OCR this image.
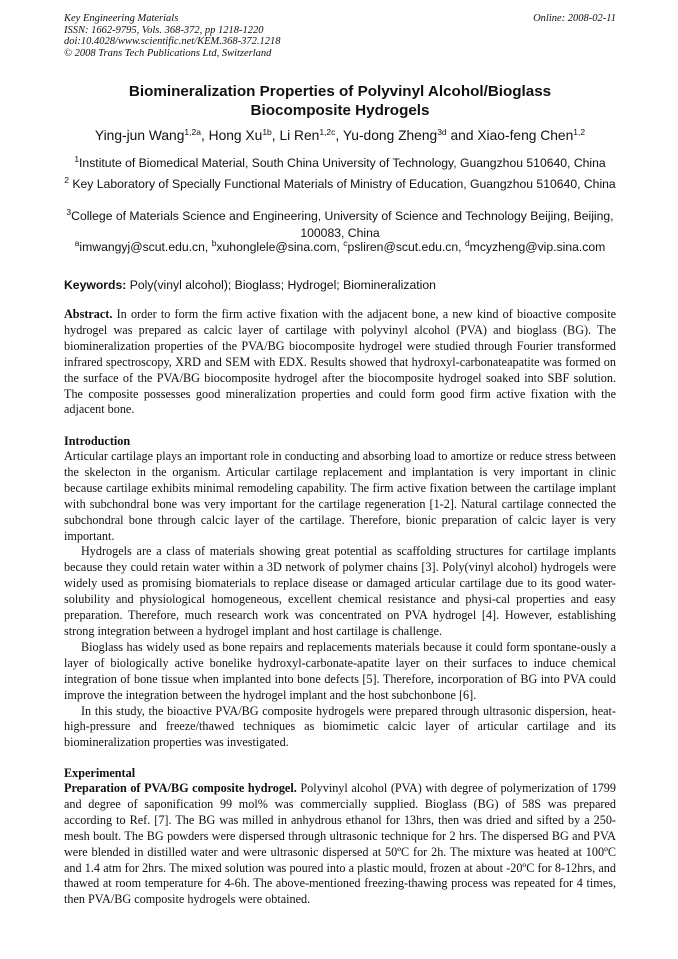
Key Engineering Materials
ISSN: 1662-9795, Vols. 368-372, pp 1218-1220
doi:10.4028/www.scientific.net/KEM.368-372.1218
© 2008 Trans Tech Publications Ltd, Switzerland
Online: 2008-02-11
Biomineralization Properties of Polyvinyl Alcohol/Bioglass
Biocomposite Hydrogels
Ying-jun Wang$^{1,2a}$, Hong $Xu^{1b}$, Li Ren$^{1,2c}$, Yu-dong Zheng$^{3d}$ and Xiao-feng Chen$^{1,2}$
$^1$Institute of Biomedical Material, South China University of Technology, Guangzhou 510640, China
$^2$ Key Laboratory of Specially Functional Materials of Ministry of Education, Guangzhou 510640, China
$^3$College of Materials Science and Engineering, University of Science and Technology Beijing, Beijing, 100083, China
$^a$imwangyj@scut.edu.cn, $^b$xuhonglele@sina.com, $^c$psliren@scut.edu.cn, $^d$mcyzheng@vip.sina.com
Keywords: Poly(vinyl alcohol); Bioglass; Hydrogel; Biomineralization
Abstract. In order to form the firm active fixation with the adjacent bone, a new kind of bioactive composite hydrogel was prepared as calcic layer of cartilage with polyvinyl alcohol (PVA) and bioglass (BG). The biomineralization properties of the PVA/BG biocomposite hydrogel were studied through Fourier transformed infrared spectroscopy, XRD and SEM with EDX. Results showed that hydroxyl-carbonateapatite was formed on the surface of the PVA/BG biocomposite hydrogel after the biocomposite hydrogel soaked into SBF solution. The composite possesses good mineralization properties and could form good firm active fixation with the adjacent bone.
Introduction
Articular cartilage plays an important role in conducting and absorbing load to amortize or reduce stress between the skelecton in the organism. Articular cartilage replacement and implantation is very important in clinic because cartilage exhibits minimal remodeling capability. The firm active fixation between the cartilage implant with subchondral bone was very important for the cartilage regeneration [1-2]. Natural cartilage connected the subchondral bone through calcic layer of the cartilage. Therefore, bionic preparation of calcic layer is very important.
Hydrogels are a class of materials showing great potential as scaffolding structures for cartilage implants because they could retain water within a 3D network of polymer chains [3]. Poly(vinyl alcohol) hydrogels were widely used as promising biomaterials to replace disease or damaged articular cartilage due to its good water-solubility and physiological homogeneous, excellent chemical resistance and physi-cal properties and easy preparation. Therefore, much research work was concentrated on PVA hydrogel [4]. However, establishing strong integration between a hydrogel implant and host cartilage is challenge.
Bioglass has widely used as bone repairs and replacements materials because it could form spontane-ously a layer of biologically active bonelike hydroxyl-carbonate-apatite layer on their surfaces to induce chemical integration of bone tissue when implanted into bone defects [5]. Therefore, incorporation of BG into PVA could improve the integration between the hydrogel implant and the host subchonbone [6].
In this study, the bioactive PVA/BG composite hydrogels were prepared through ultrasonic dispersion, heat-high-pressure and freeze/thawed techniques as biomimetic calcic layer of articular cartilage and its biomineralization properties was investigated.
Experimental
Preparation of PVA/BG composite hydrogel. Polyvinyl alcohol (PVA) with degree of polymerization of 1799 and degree of saponification 99 mol% was commercially supplied. Bioglass (BG) of 58S was prepared according to Ref. [7]. The BG was milled in anhydrous ethanol for 13hrs, then was dried and sifted by a 250-mesh boult. The BG powders were dispersed through ultrasonic technique for 2 hrs. The dispersed BG and PVA were blended in distilled water and were ultrasonic dispersed at 50ºC for 2h. The mixture was heated at 100ºC and 1.4 atm for 2hrs. The mixed solution was poured into a plastic mould, frozen at about -20ºC for 8-12hrs, and thawed at room temperature for 4-6h. The above-mentioned freezing-thawing process was repeated for 4 times, then PVA/BG composite hydrogels were obtained.
